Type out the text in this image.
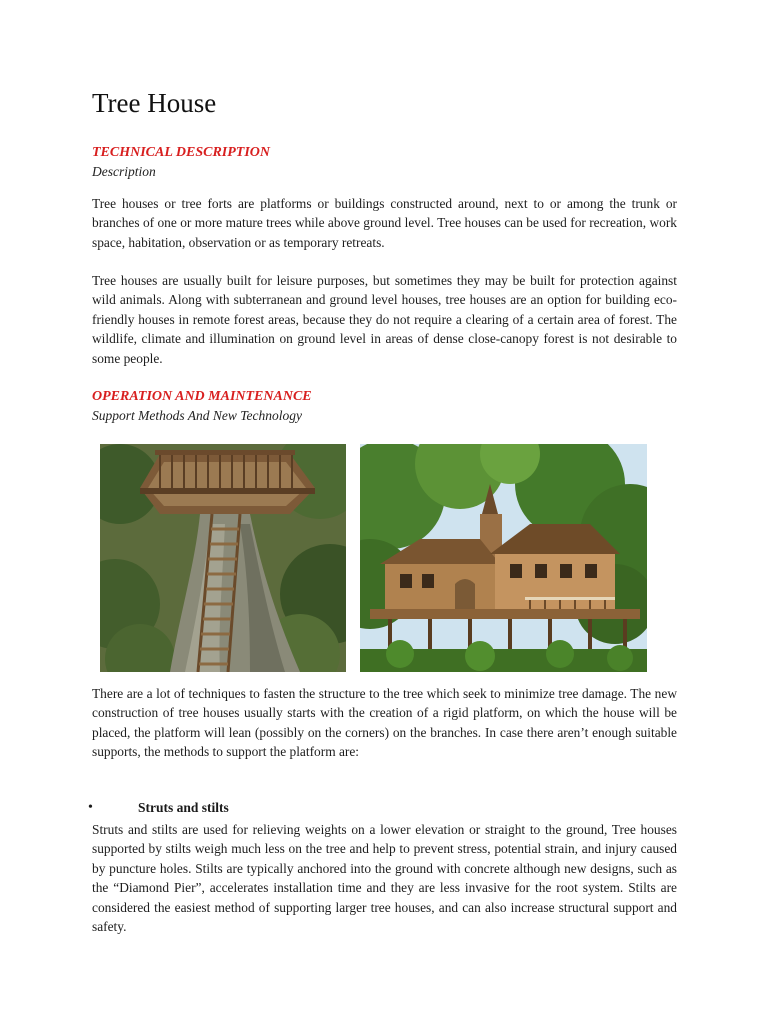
Tree House
TECHNICAL DESCRIPTION
Description

Tree houses or tree forts are platforms or buildings constructed around, next to or among the trunk or branches of one or more mature trees while above ground level. Tree houses can be used for recreation, work space, habitation, observation or as temporary retreats.

Tree houses are usually built for leisure purposes, but sometimes they may be built for protection against wild animals. Along with subterranean and ground level houses, tree houses are an option for building eco-friendly houses in remote forest areas, because they do not require a clearing of a certain area of forest. The wildlife, climate and illumination on ground level in areas of dense close-canopy forest is not desirable to some people.

OPERATION AND MAINTENANCE
Support Methods And New Technology

There are a lot of techniques to fasten the structure to the tree which seek to minimize tree damage. The new construction of tree houses usually starts with the creation of a rigid platform, on which the house will be placed, the platform will lean (possibly on the corners) on the branches. In case there aren’t enough suitable supports, the methods to support the platform are:

•	Struts and stilts

Struts and stilts are used for relieving weights on a lower elevation or straight to the ground, Tree houses supported by stilts weigh much less on the tree and help to prevent stress, potential strain, and injury caused by puncture holes. Stilts are typically anchored into the ground with concrete although new designs, such as the “Diamond Pier”, accelerates installation time and they are less invasive for the root system. Stilts are considered the easiest method of supporting larger tree houses, and can also increase structural support and safety.
